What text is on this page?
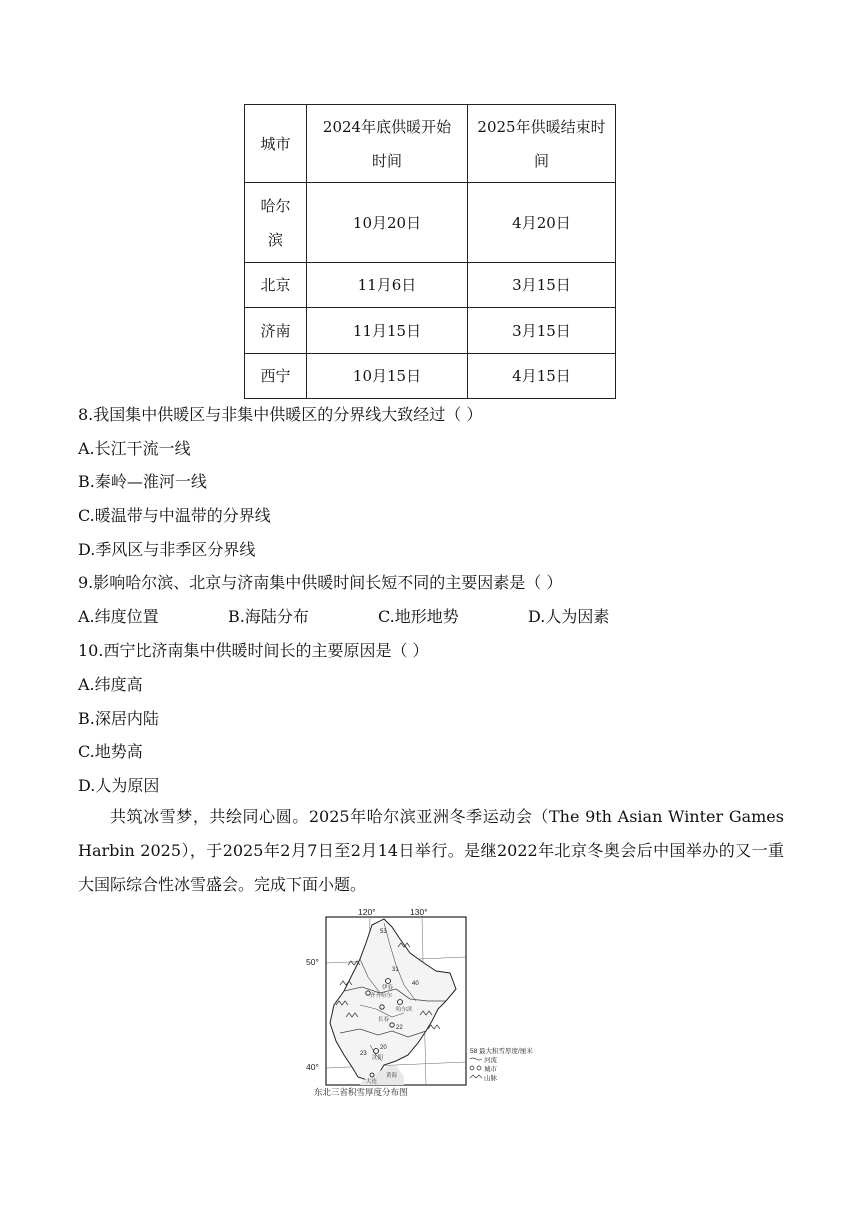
城市	2024年底供暖开始时间	2025年供暖结束时间

哈尔滨	10月20日	4月20日
北京	11月6日	3月15日
济南	11月15日	3月15日
西宁	10月15日	4月15日
8.我国集中供暖区与非集中供暖区的分界线大致经过（ ）
A.长江干流一线
B.秦岭—淮河一线
C.暖温带与中温带的分界线
D.季风区与非季区分界线
9.影响哈尔滨、北京与济南集中供暖时间长短不同的主要因素是（ ）
A.纬度位置	B.海陆分布	C.地形地势	D.人为因素
10.西宁比济南集中供暖时间长的主要原因是（ ）
A.纬度高
B.深居内陆
C.地势高
D.人为原因
共筑冰雪梦，共绘同心圆。2025年哈尔滨亚洲冬季运动会（The 9th Asian Winter Games Harbin 2025），于2025年2月7日至2月14日举行。是继2022年北京冬奥会后中国举办的又一重大国际综合性冰雪盛会。完成下面小题。
120°	130°
50°
40°
53
31
40
22
20
23
伊春
齐齐哈尔
哈尔滨
长春
沈阳
大连
黄海
58 最大积雪厚度/厘米
河流
城市
山脉
东北三省积雪厚度分布图
